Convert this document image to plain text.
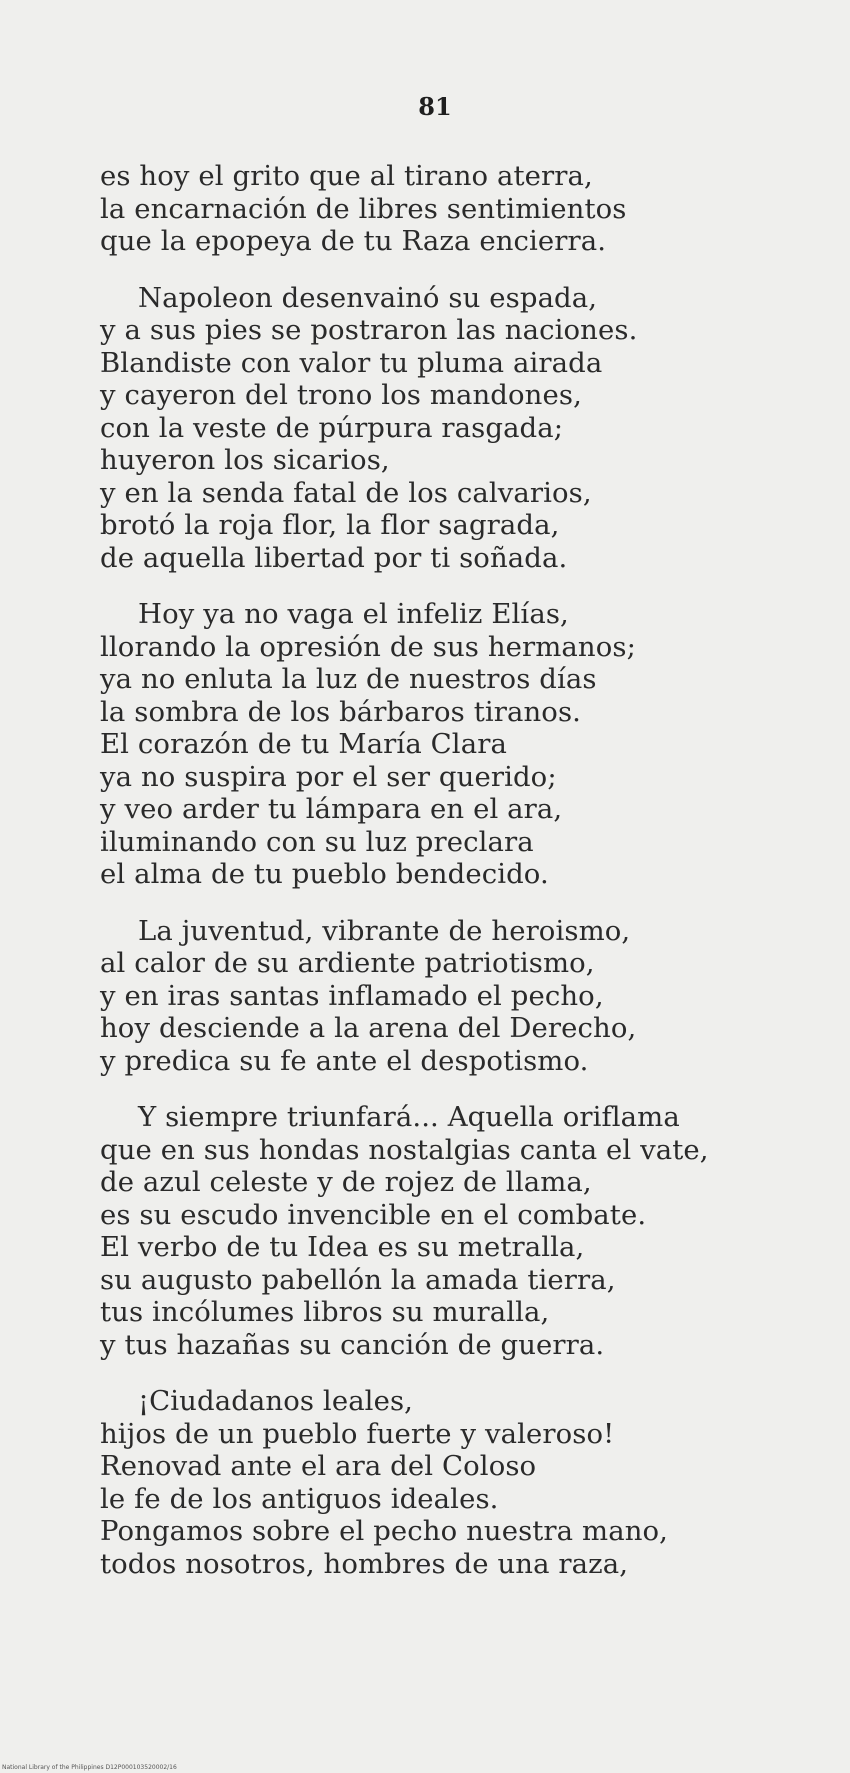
81
es hoy el grito que al tirano aterra,
la encarnación de libres sentimientos
que la epopeya de tu Raza encierra.
Napoleon desenvainó su espada,
y a sus pies se postraron las naciones.
Blandiste con valor tu pluma airada
y cayeron del trono los mandones,
con la veste de púrpura rasgada;
huyeron los sicarios,
y en la senda fatal de los calvarios,
brotó la roja flor, la flor sagrada,
de aquella libertad por ti soñada.
Hoy ya no vaga el infeliz Elías,
llorando la opresión de sus hermanos;
ya no enluta la luz de nuestros días
la sombra de los bárbaros tiranos.
El corazón de tu María Clara
ya no suspira por el ser querido;
y veo arder tu lámpara en el ara,
iluminando con su luz preclara
el alma de tu pueblo bendecido.
La juventud, vibrante de heroismo,
al calor de su ardiente patriotismo,
y en iras santas inflamado el pecho,
hoy desciende a la arena del Derecho,
y predica su fe ante el despotismo.
Y siempre triunfará... Aquella oriflama
que en sus hondas nostalgias canta el vate,
de azul celeste y de rojez de llama,
es su escudo invencible en el combate.
El verbo de tu Idea es su metralla,
su augusto pabellón la amada tierra,
tus incólumes libros su muralla,
y tus hazañas su canción de guerra.
¡Ciudadanos leales,
hijos de un pueblo fuerte y valeroso!
Renovad ante el ara del Coloso
le fe de los antiguos ideales.
Pongamos sobre el pecho nuestra mano,
todos nosotros, hombres de una raza,
National Library of the Philippines D12P000103520002/16
